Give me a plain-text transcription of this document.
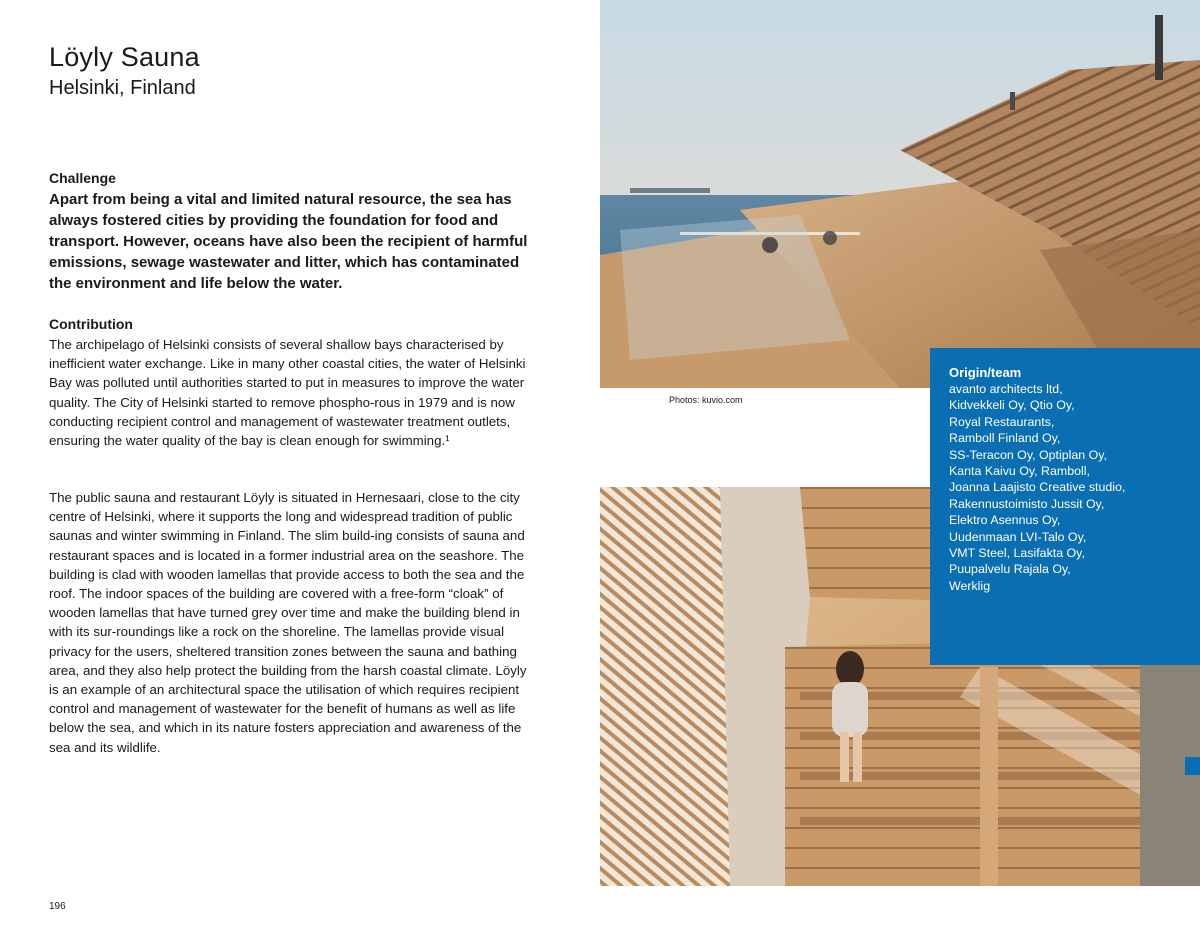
Löyly Sauna
Helsinki, Finland
Challenge
Apart from being a vital and limited natural resource, the sea has always fostered cities by providing the foundation for food and transport. However, oceans have also been the recipient of harmful emissions, sewage wastewater and litter, which has contaminated the environment and life below the water.
Contribution

The archipelago of Helsinki consists of several shallow bays characterised by inefficient water exchange. Like in many other coastal cities, the water of Helsinki Bay was polluted until authorities started to put in measures to improve the water quality. The City of Helsinki started to remove phospho-rous in 1979 and is now conducting recipient control and management of wastewater treatment outlets, ensuring the water quality of the bay is clean enough for swimming.¹

The public sauna and restaurant Löyly is situated in Hernesaari, close to the city centre of Helsinki, where it supports the long and widespread tradition of public saunas and winter swimming in Finland. The slim build-ing consists of sauna and restaurant spaces and is located in a former industrial area on the seashore. The building is clad with wooden lamellas that provide access to both the sea and the roof. The indoor spaces of the building are covered with a free-form “cloak” of wooden lamellas that have turned grey over time and make the building blend in with its sur-roundings like a rock on the shoreline. The lamellas provide visual privacy for the users, sheltered transition zones between the sauna and bathing area, and they also help protect the building from the harsh coastal climate. Löyly is an example of an architectural space the utilisation of which requires recipient control and management of wastewater for the benefit of humans as well as life below the sea, and which in its nature fosters appreciation and awareness of the sea and its wildlife.

196
Photos: kuvio.com
Origin/team
avanto architects ltd,
Kidvekkeli Oy, Qtio Oy,
Royal Restaurants,
Ramboll Finland Oy,
SS-Teracon Oy, Optiplan Oy,
Kanta Kaivu Oy, Ramboll,
Joanna Laajisto Creative studio,
Rakennustoimisto Jussit Oy,
Elektro Asennus Oy,
Uudenmaan LVI-Talo Oy,
VMT Steel, Lasifakta Oy,
Puupalvelu Rajala Oy,
Werklig
